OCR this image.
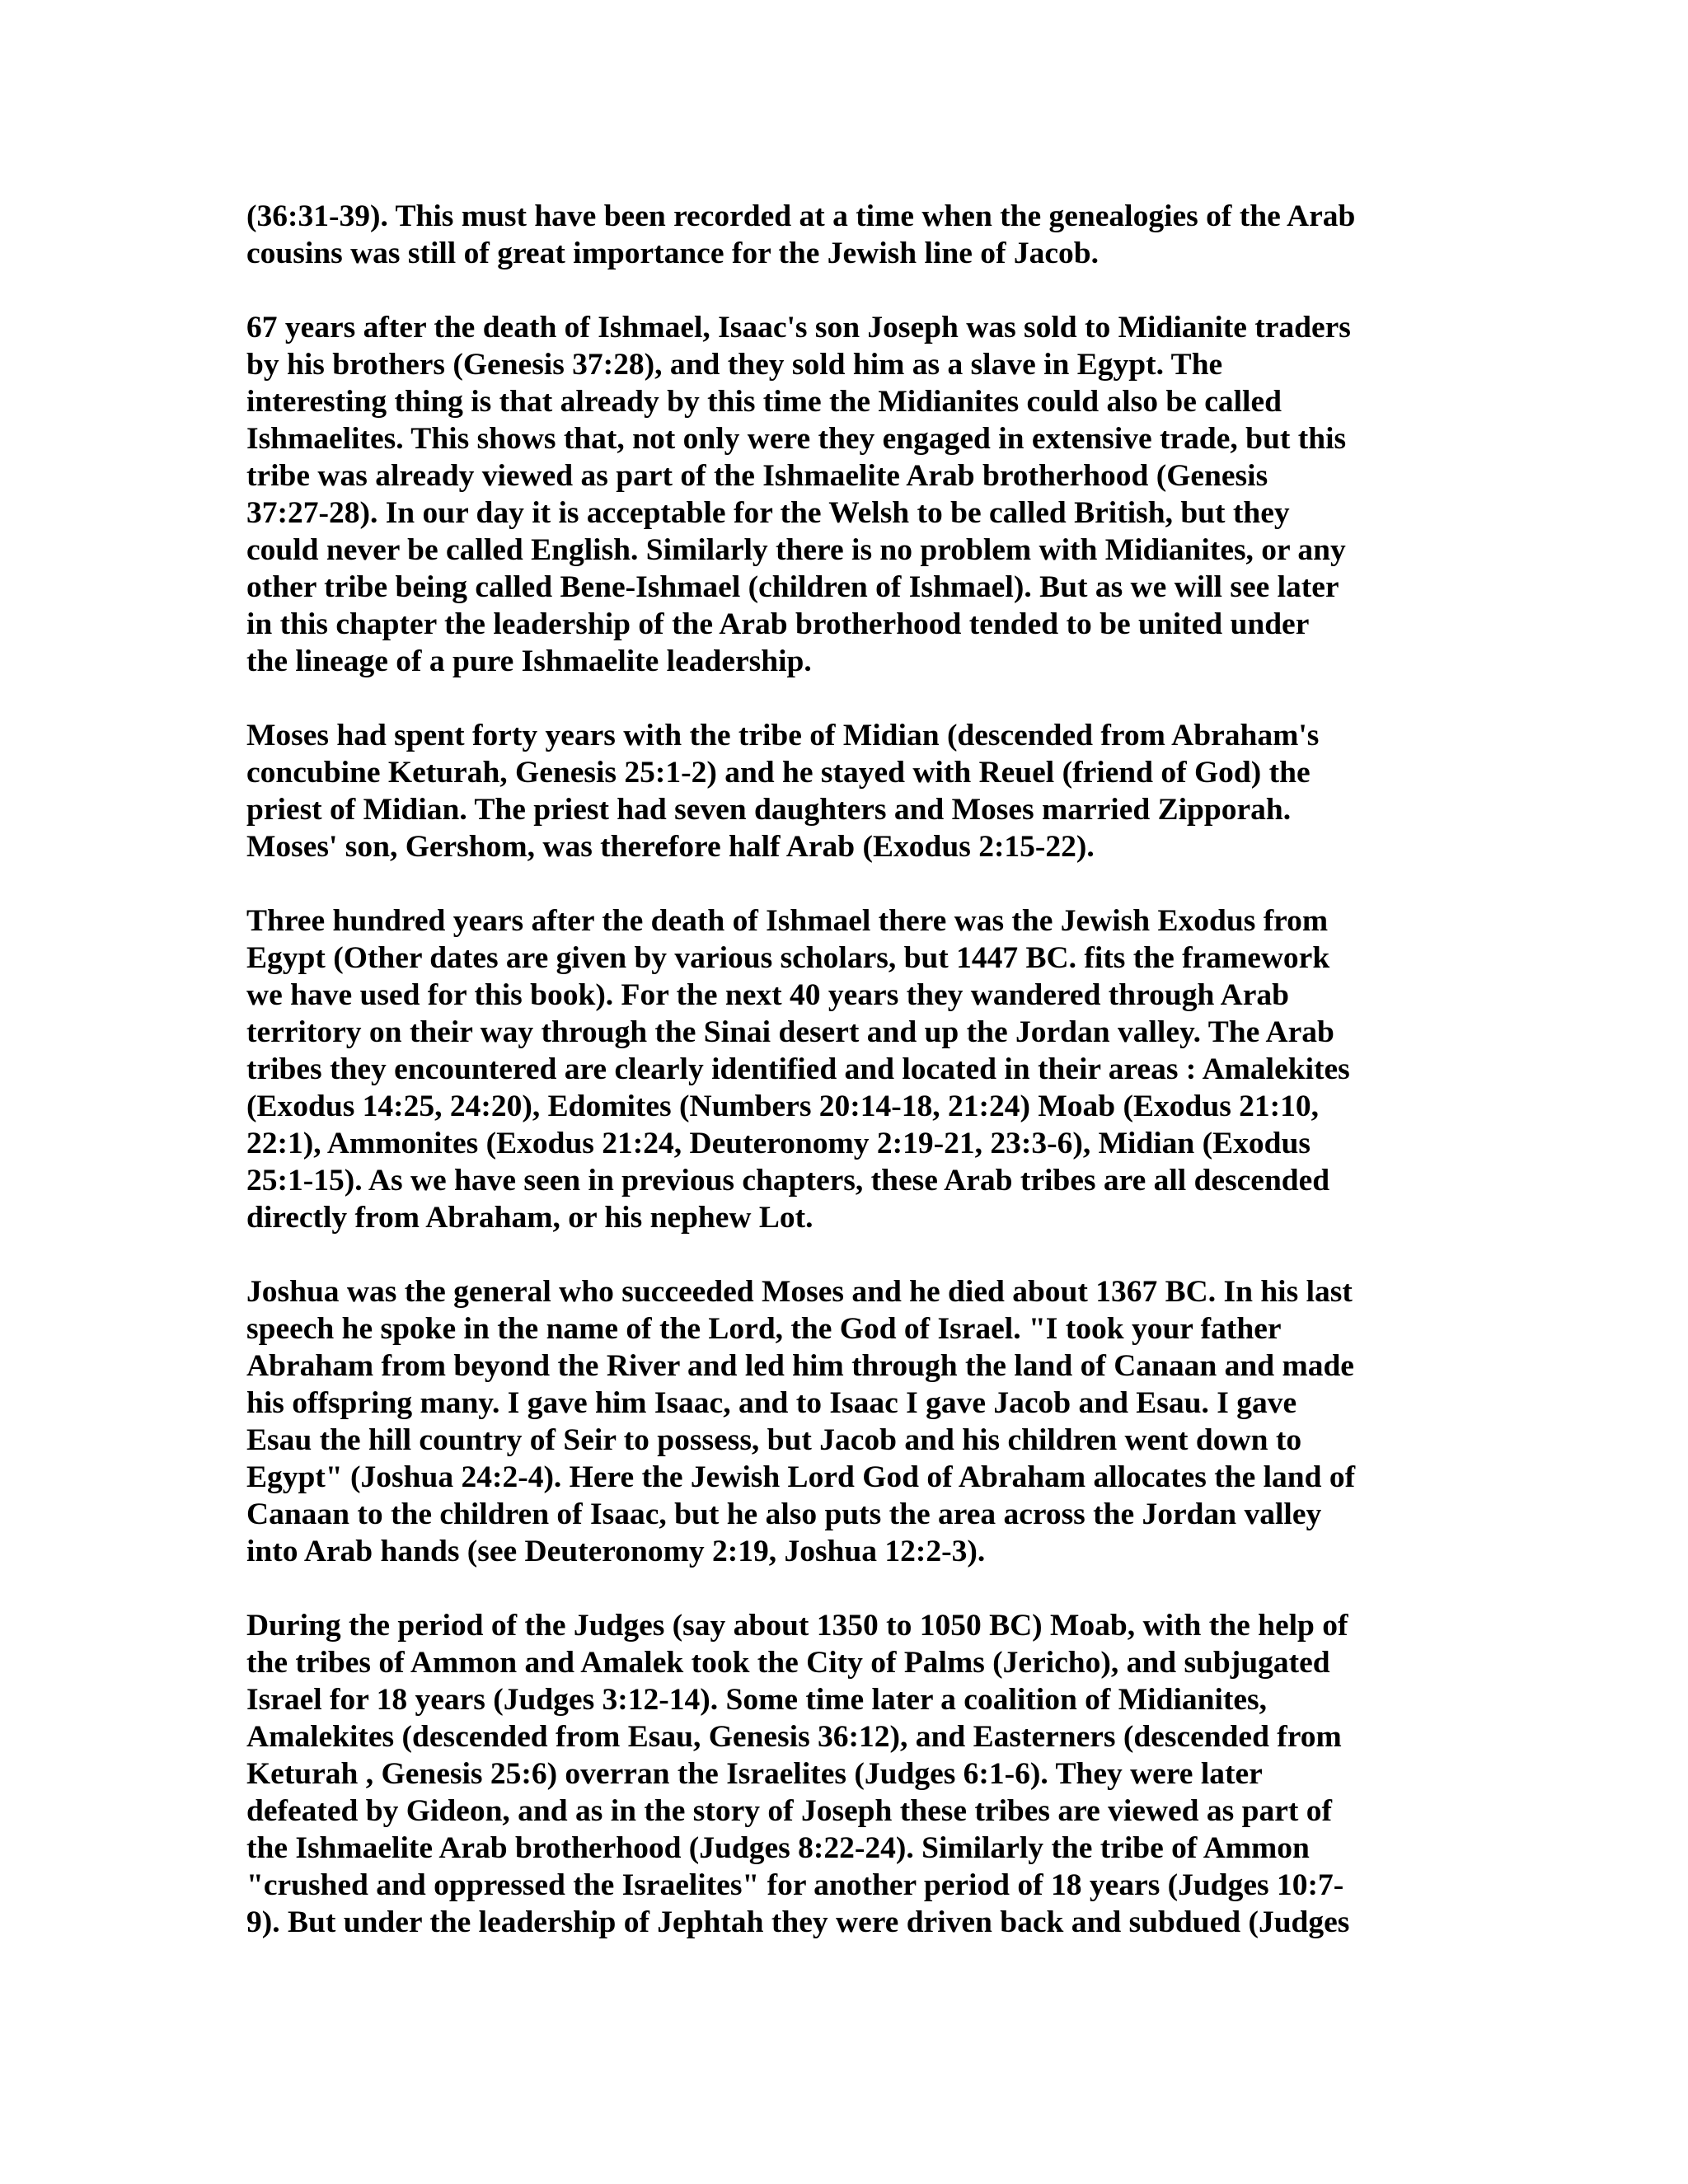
(36:31-39). This must have been recorded at a time when the genealogies of the Arab
cousins was still of great importance for the Jewish line of Jacob.

67 years after the death of Ishmael, Isaac's son Joseph was sold to Midianite traders
by his brothers (Genesis 37:28), and they sold him as a slave in Egypt. The
interesting thing is that already by this time the Midianites could also be called
Ishmaelites. This shows that, not only were they engaged in extensive trade, but this
tribe was already viewed as part of the Ishmaelite Arab brotherhood (Genesis
37:27-28). In our day it is acceptable for the Welsh to be called British, but they
could never be called English. Similarly there is no problem with Midianites, or any
other tribe being called Bene-Ishmael (children of Ishmael). But as we will see later
in this chapter the leadership of the Arab brotherhood tended to be united under
the lineage of a pure Ishmaelite leadership.

Moses had spent forty years with the tribe of Midian (descended from Abraham's
concubine Keturah, Genesis 25:1-2) and he stayed with Reuel (friend of God) the
priest of Midian. The priest had seven daughters and Moses married Zipporah.
Moses' son, Gershom, was therefore half Arab (Exodus 2:15-22).

Three hundred years after the death of Ishmael there was the Jewish Exodus from
Egypt (Other dates are given by various scholars, but 1447 BC. fits the framework
we have used for this book). For the next 40 years they wandered through Arab
territory on their way through the Sinai desert and up the Jordan valley. The Arab
tribes they encountered are clearly identified and located in their areas : Amalekites
(Exodus 14:25, 24:20), Edomites (Numbers 20:14-18, 21:24) Moab (Exodus 21:10,
22:1), Ammonites (Exodus 21:24, Deuteronomy 2:19-21, 23:3-6), Midian (Exodus
25:1-15). As we have seen in previous chapters, these Arab tribes are all descended
directly from Abraham, or his nephew Lot.

Joshua was the general who succeeded Moses and he died about 1367 BC. In his last
speech he spoke in the name of the Lord, the God of Israel. "I took your father
Abraham from beyond the River and led him through the land of Canaan and made
his offspring many. I gave him Isaac, and to Isaac I gave Jacob and Esau. I gave
Esau the hill country of Seir to possess, but Jacob and his children went down to
Egypt" (Joshua 24:2-4). Here the Jewish Lord God of Abraham allocates the land of
Canaan to the children of Isaac, but he also puts the area across the Jordan valley
into Arab hands (see Deuteronomy 2:19, Joshua 12:2-3).

During the period of the Judges (say about 1350 to 1050 BC) Moab, with the help of
the tribes of Ammon and Amalek took the City of Palms (Jericho), and subjugated
Israel for 18 years (Judges 3:12-14). Some time later a coalition of Midianites,
Amalekites (descended from Esau, Genesis 36:12), and Easterners (descended from
Keturah , Genesis 25:6) overran the Israelites (Judges 6:1-6). They were later
defeated by Gideon, and as in the story of Joseph these tribes are viewed as part of
the Ishmaelite Arab brotherhood (Judges 8:22-24). Similarly the tribe of Ammon
"crushed and oppressed the Israelites" for another period of 18 years (Judges 10:7-
9). But under the leadership of Jephtah they were driven back and subdued (Judges
